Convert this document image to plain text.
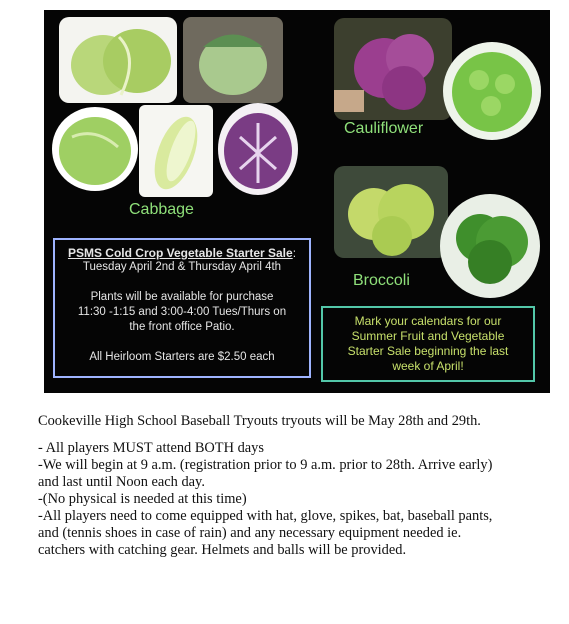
Cabbage
Cauliflower
Broccoli
PSMS Cold Crop Vegetable Starter Sale:

Tuesday April 2nd & Thursday April 4th

Plants will be available for purchase

11:30 -1:15 and 3:00-4:00 Tues/Thurs on

the front office Patio.

All Heirloom Starters are $2.50 each

Mark your calendars for our
Summer Fruit and Vegetable
Starter Sale beginning the last
week of April!
Cookeville High School Baseball Tryouts tryouts will be May 28th and 29th.
- All players MUST attend BOTH days
-We will begin at 9 a.m. (registration prior to 9 a.m. prior to 28th. Arrive early)
and last until Noon each day.
-(No physical is needed at this time)
-All players need to come equipped with hat, glove, spikes, bat, baseball pants,
and (tennis shoes in case of rain) and any necessary equipment needed ie.
catchers with catching gear. Helmets and balls will be provided.
